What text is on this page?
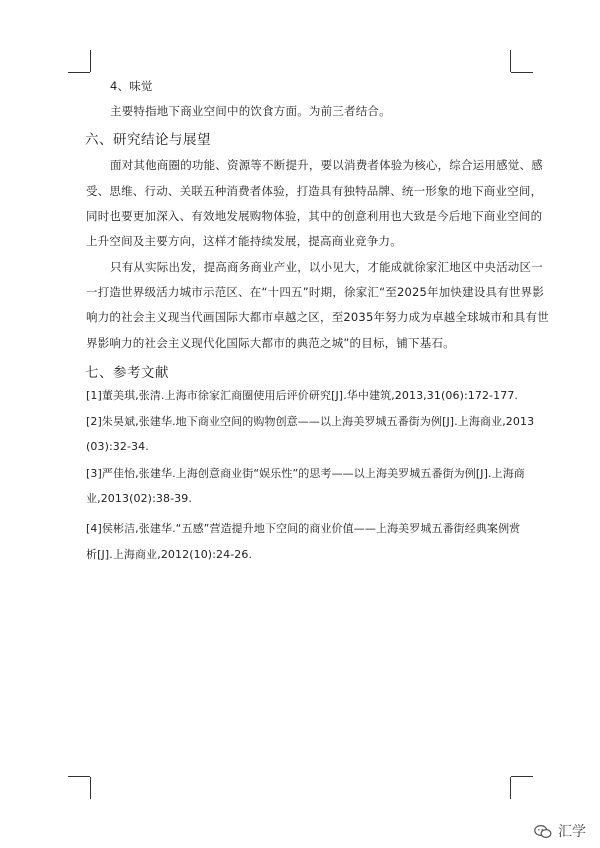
4、味觉
主要特指地下商业空间中的饮食方面。为前三者结合。
六、研究结论与展望
面对其他商圈的功能、资源等不断提升，要以消费者体验为核心，综合运用感觉、感
受、思维、行动、关联五种消费者体验，打造具有独特品牌、统一形象的地下商业空间，
同时也要更加深入、有效地发展购物体验，其中的创意利用也大致是今后地下商业空间的
上升空间及主要方向，这样才能持续发展，提高商业竞争力。
只有从实际出发，提高商务商业产业，以小见大，才能成就徐家汇地区中央活动区一
一打造世界级活力城市示范区、在“十四五”时期，徐家汇“至2025年加快建设具有世界影
响力的社会主义现当代画国际大都市卓越之区，至2035年努力成为卓越全球城市和具有世
界影响力的社会主义现代化国际大都市的典范之城”的目标，铺下基石。
七、参考文献
[1]董美琪,张清.上海市徐家汇商圈使用后评价研究[J].华中建筑,2013,31(06):172-177.
[2]朱昊斌,张建华.地下商业空间的购物创意——以上海美罗城五番街为例[J].上海商业,2013
(03):32-34.
[3]严佳怡,张建华.上海创意商业街“娱乐性”的思考——以上海美罗城五番街为例[J].上海商
业,2013(02):38-39.
[4]侯彬洁,张建华.“五感”营造提升地下空间的商业价值——上海美罗城五番街经典案例赏
析[J].上海商业,2012(10):24-26.
汇学
